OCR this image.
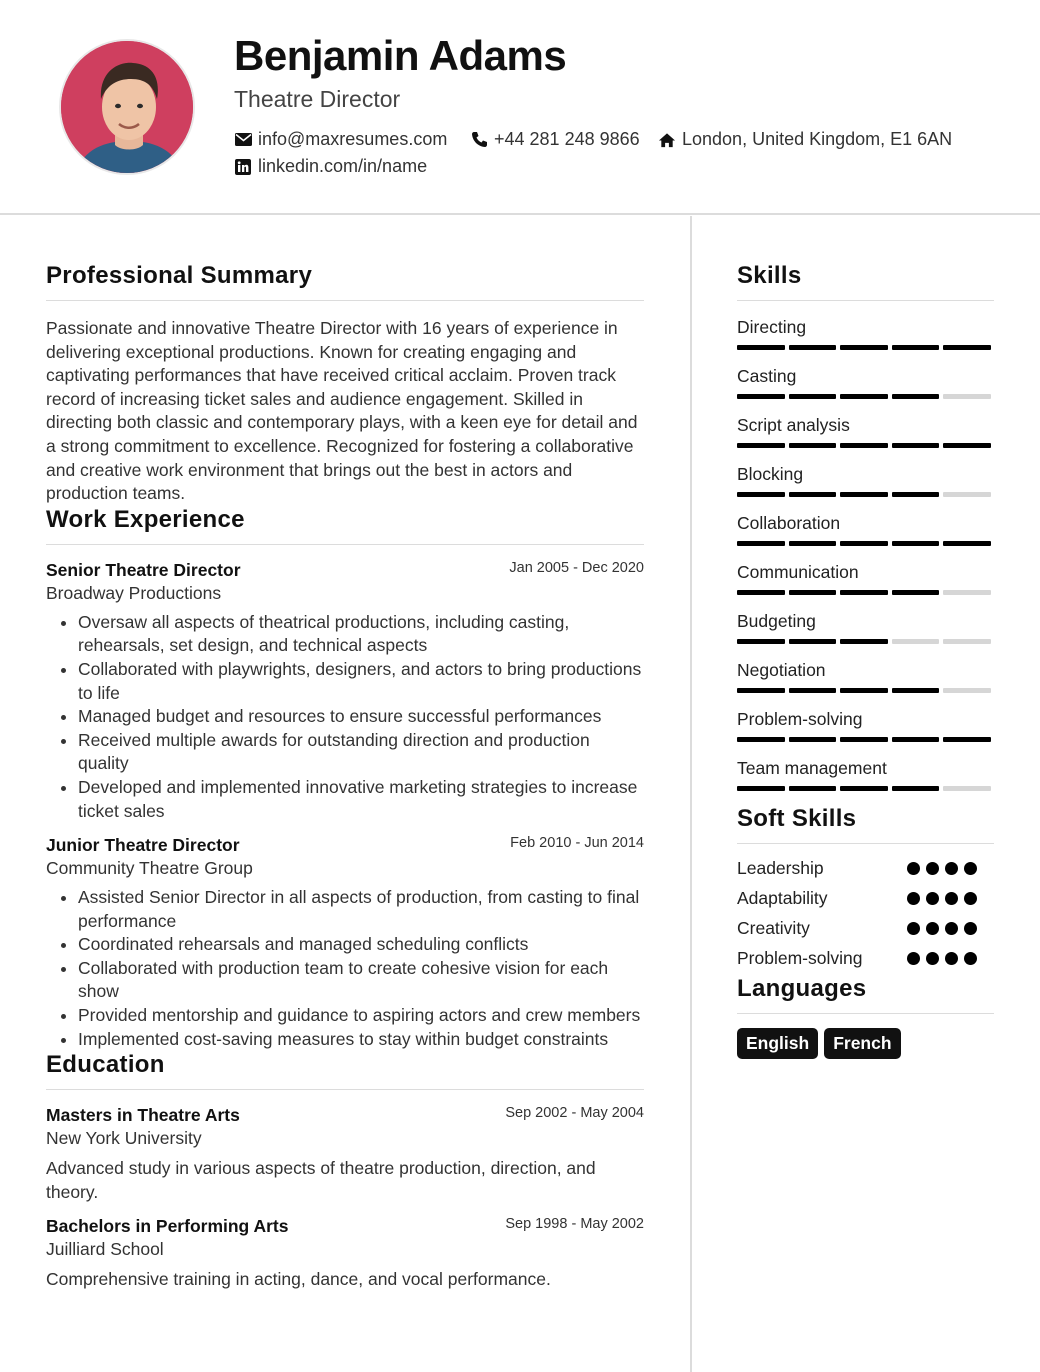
Benjamin Adams
Theatre Director
info@maxresumes.com	+44 281 248 9866 London, United Kingdom, E1 6AN
linkedin.com/in/name
Professional Summary
Passionate and innovative Theatre Director with 16 years of experience in delivering exceptional productions. Known for creating engaging and captivating performances that have received critical acclaim. Proven track record of increasing ticket sales and audience engagement. Skilled in directing both classic and contemporary plays, with a keen eye for detail and a strong commitment to excellence. Recognized for fostering a collaborative and creative work environment that brings out the best in actors and production teams.
Work Experience
Senior Theatre Director	Jan 2005 - Dec 2020
Broadway Productions
• Oversaw all aspects of theatrical productions, including casting, rehearsals, set design, and technical aspects
• Collaborated with playwrights, designers, and actors to bring productions to life
• Managed budget and resources to ensure successful performances
• Received multiple awards for outstanding direction and production quality
• Developed and implemented innovative marketing strategies to increase ticket sales
Junior Theatre Director	Feb 2010 - Jun 2014
Community Theatre Group
• Assisted Senior Director in all aspects of production, from casting to final performance
• Coordinated rehearsals and managed scheduling conflicts
• Collaborated with production team to create cohesive vision for each show
• Provided mentorship and guidance to aspiring actors and crew members
• Implemented cost-saving measures to stay within budget constraints
Education
Masters in Theatre Arts	Sep 2002 - May 2004
New York University
Advanced study in various aspects of theatre production, direction, and theory.
Bachelors in Performing Arts	Sep 1998 - May 2002
Juilliard School
Comprehensive training in acting, dance, and vocal performance.
Skills
Directing
Casting
Script analysis
Blocking
Collaboration
Communication
Budgeting
Negotiation
Problem-solving
Team management
Soft Skills
Leadership
Adaptability
Creativity
Problem-solving
Languages
English	French
